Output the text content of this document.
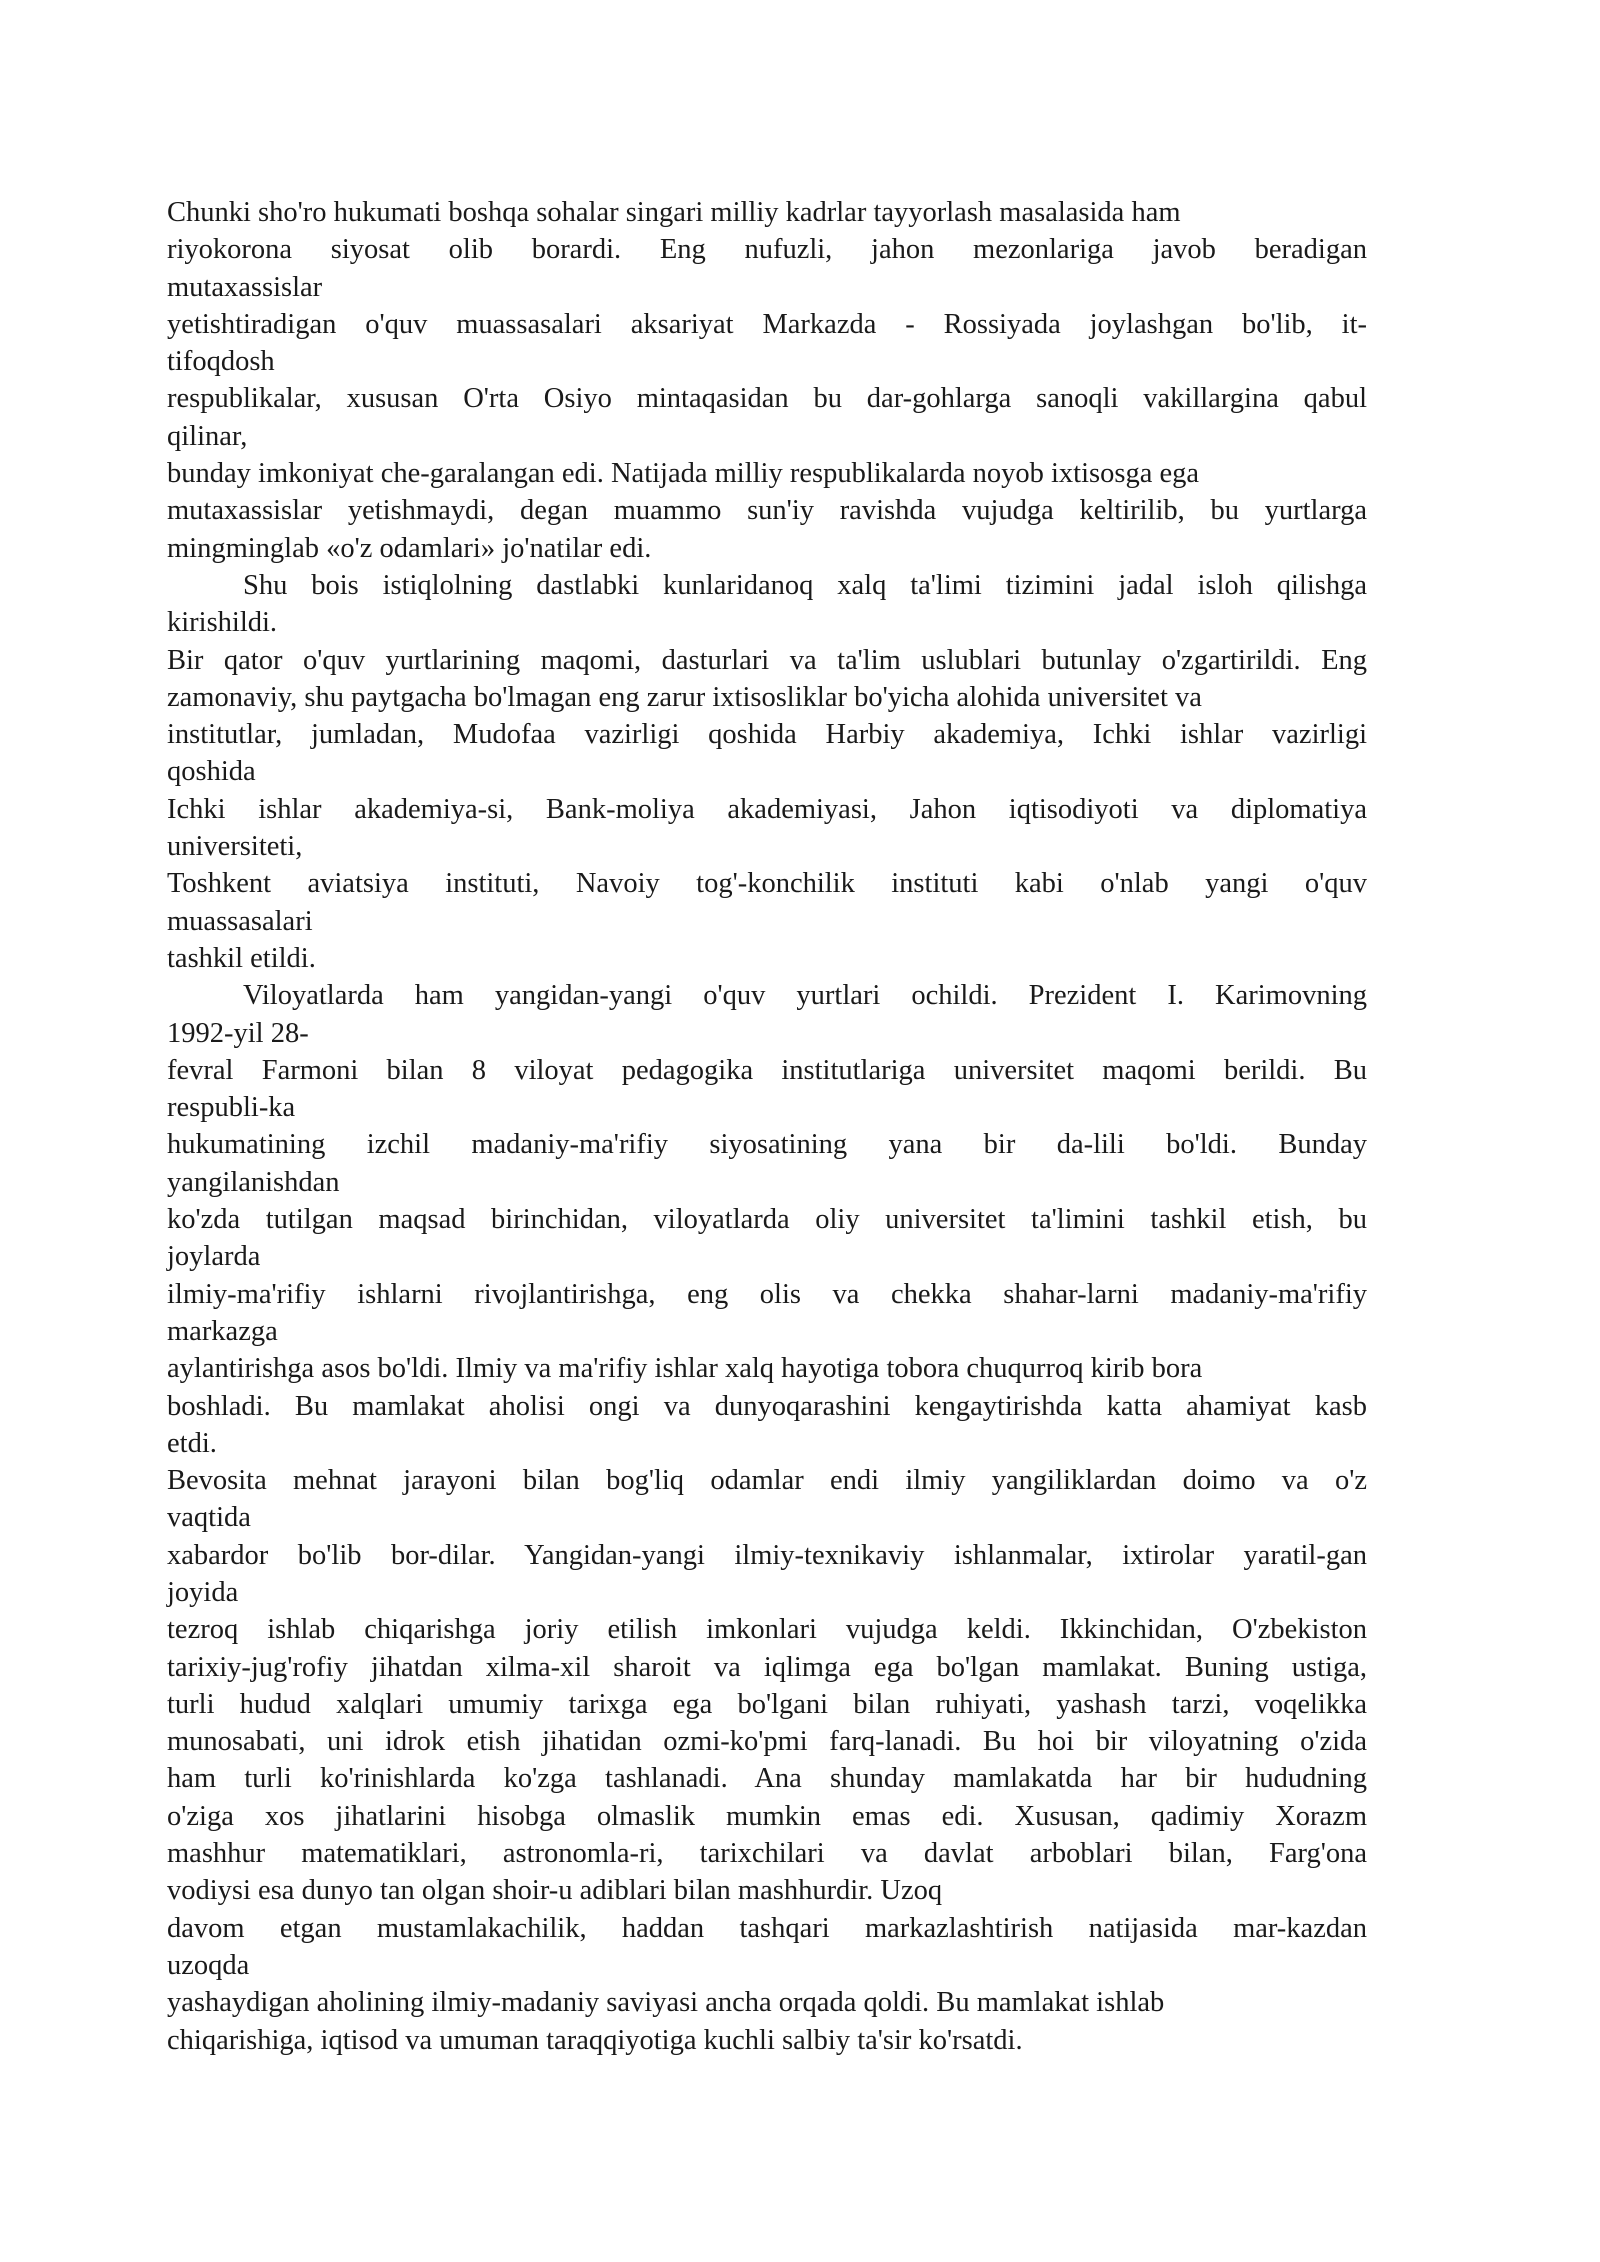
Chunki sho'ro hukumati boshqa sohalar singari milliy kadrlar tayyorlash masalasida ham
riyokorona siyosat olib borardi. Eng nufuzli, jahon mezonlariga javob beradigan
mutaxassislar
yetishtiradigan o'quv muassasalari aksariyat Markazda - Rossiyada joylashgan bo'lib, it-
tifoqdosh
respublikalar, xususan O'rta Osiyo mintaqasidan bu dar-gohlarga sanoqli vakillargina qabul
qilinar,
bunday imkoniyat che-garalangan edi. Natijada milliy respublikalarda noyob ixtisosga ega
mutaxassislar yetishmaydi, degan muammo sun'iy ravishda vujudga keltirilib, bu yurtlarga
mingminglab «o'z odamlari» jo'natilar edi.
Shu bois istiqlolning dastlabki kunlaridanoq xalq ta'limi tizimini jadal isloh qilishga
kirishildi.
Bir qator o'quv yurtlarining maqomi, dasturlari va ta'lim uslublari butunlay o'zgartirildi. Eng
zamonaviy, shu paytgacha bo'lmagan eng zarur ixtisosliklar bo'yicha alohida universitet va
institutlar, jumladan, Mudofaa vazirligi qoshida Harbiy akademiya, Ichki ishlar vazirligi
qoshida
Ichki ishlar akademiya-si, Bank-moliya akademiyasi, Jahon iqtisodiyoti va diplomatiya
universiteti,
Toshkent aviatsiya instituti, Navoiy tog'-konchilik instituti kabi o'nlab yangi o'quv
muassasalari
tashkil etildi.
Viloyatlarda ham yangidan-yangi o'quv yurtlari ochildi. Prezident I. Karimovning
1992-yil 28-
fevral Farmoni bilan 8 viloyat pedagogika institutlariga universitet maqomi berildi. Bu
respubli-ka
hukumatining izchil madaniy-ma'rifiy siyosatining yana bir da-lili bo'ldi. Bunday
yangilanishdan
ko'zda tutilgan maqsad birinchidan, viloyatlarda oliy universitet ta'limini tashkil etish, bu
joylarda
ilmiy-ma'rifiy ishlarni rivojlantirishga, eng olis va chekka shahar-larni madaniy-ma'rifiy
markazga
aylantirishga asos bo'ldi. Ilmiy va ma'rifiy ishlar xalq hayotiga tobora chuqurroq kirib bora
boshladi. Bu mamlakat aholisi ongi va dunyoqarashini kengaytirishda katta ahamiyat kasb
etdi.
Bevosita mehnat jarayoni bilan bog'liq odamlar endi ilmiy yangiliklardan doimo va o'z
vaqtida
xabardor bo'lib bor-dilar. Yangidan-yangi ilmiy-texnikaviy ishlanmalar, ixtirolar yaratil-gan
joyida
tezroq ishlab chiqarishga joriy etilish imkonlari vujudga keldi. Ikkinchidan, O'zbekiston
tarixiy-jug'rofiy jihatdan xilma-xil sharoit va iqlimga ega bo'lgan mamlakat. Buning ustiga,
turli hudud xalqlari umumiy tarixga ega bo'lgani bilan ruhiyati, yashash tarzi, voqelikka
munosabati, uni idrok etish jihatidan ozmi-ko'pmi farq-lanadi. Bu hoi bir viloyatning o'zida
ham turli ko'rinishlarda ko'zga tashlanadi. Ana shunday mamlakatda har bir hududning
o'ziga xos jihatlarini hisobga olmaslik mumkin emas edi. Xususan, qadimiy Xorazm
mashhur matematiklari, astronomla-ri, tarixchilari va davlat arboblari bilan, Farg'ona
vodiysi esa dunyo tan olgan shoir-u adiblari bilan mashhurdir. Uzoq
davom etgan mustamlakachilik, haddan tashqari markazlashtirish natijasida mar-kazdan
uzoqda
yashaydigan aholining ilmiy-madaniy saviyasi ancha orqada qoldi. Bu mamlakat ishlab
chiqarishiga, iqtisod va umuman taraqqiyotiga kuchli salbiy ta'sir ko'rsatdi.
